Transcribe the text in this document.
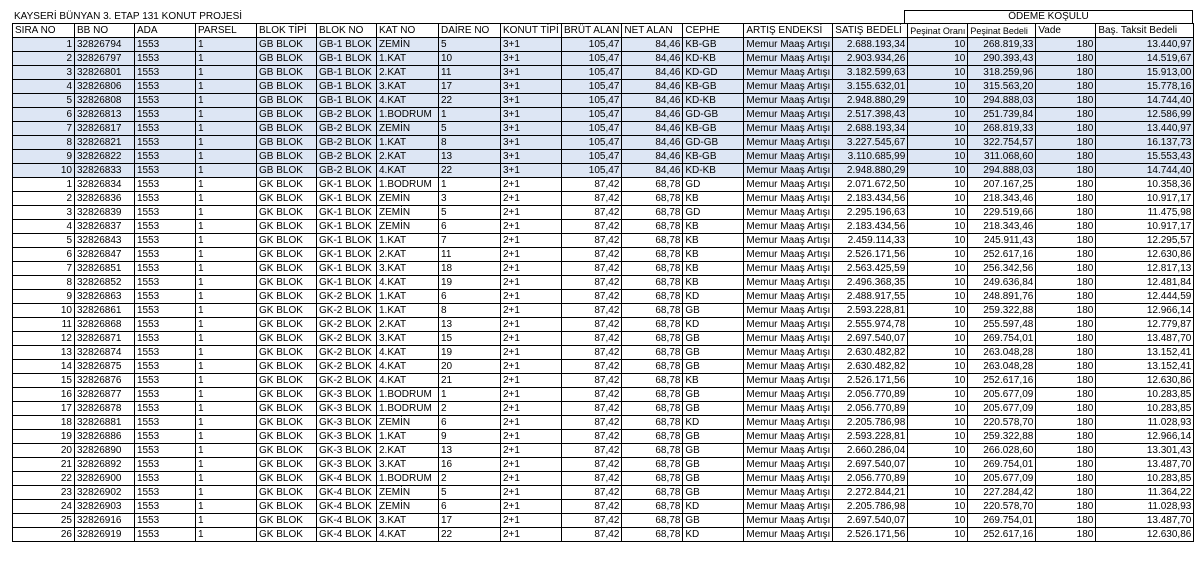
KAYSERİ BÜNYAN 3. ETAP 131 KONUT PROJESİ	ÖDEME KOŞULU
SIRA NO	BB NO	ADA	PARSEL	BLOK TİPİ	BLOK NO	KAT NO	DAİRE NO	KONUT TİPİ	BRÜT ALAN	NET ALAN	CEPHE	ARTIŞ ENDEKSİ	SATIŞ BEDELİ	Peşinat Oranı	Peşinat Bedeli	Vade	Baş. Taksit Bedeli
1	32826794	1553	1	GB BLOK	GB-1 BLOK	ZEMİN	5	3+1	105,47	84,46	KB-GB	Memur Maaş Artışı	2.688.193,34	10	268.819,33	180	13.440,97
2	32826797	1553	1	GB BLOK	GB-1 BLOK	1.KAT	10	3+1	105,47	84,46	KD-KB	Memur Maaş Artışı	2.903.934,26	10	290.393,43	180	14.519,67
3	32826801	1553	1	GB BLOK	GB-1 BLOK	2.KAT	11	3+1	105,47	84,46	KD-GD	Memur Maaş Artışı	3.182.599,63	10	318.259,96	180	15.913,00
4	32826806	1553	1	GB BLOK	GB-1 BLOK	3.KAT	17	3+1	105,47	84,46	KB-GB	Memur Maaş Artışı	3.155.632,01	10	315.563,20	180	15.778,16
5	32826808	1553	1	GB BLOK	GB-1 BLOK	4.KAT	22	3+1	105,47	84,46	KD-KB	Memur Maaş Artışı	2.948.880,29	10	294.888,03	180	14.744,40
6	32826813	1553	1	GB BLOK	GB-2 BLOK	1.BODRUM	1	3+1	105,47	84,46	GD-GB	Memur Maaş Artışı	2.517.398,43	10	251.739,84	180	12.586,99
7	32826817	1553	1	GB BLOK	GB-2 BLOK	ZEMİN	5	3+1	105,47	84,46	KB-GB	Memur Maaş Artışı	2.688.193,34	10	268.819,33	180	13.440,97
8	32826821	1553	1	GB BLOK	GB-2 BLOK	1.KAT	8	3+1	105,47	84,46	GD-GB	Memur Maaş Artışı	3.227.545,67	10	322.754,57	180	16.137,73
9	32826822	1553	1	GB BLOK	GB-2 BLOK	2.KAT	13	3+1	105,47	84,46	KB-GB	Memur Maaş Artışı	3.110.685,99	10	311.068,60	180	15.553,43
10	32826833	1553	1	GB BLOK	GB-2 BLOK	4.KAT	22	3+1	105,47	84,46	KD-KB	Memur Maaş Artışı	2.948.880,29	10	294.888,03	180	14.744,40
1	32826834	1553	1	GK BLOK	GK-1 BLOK	1.BODRUM	1	2+1	87,42	68,78	GD	Memur Maaş Artışı	2.071.672,50	10	207.167,25	180	10.358,36
2	32826836	1553	1	GK BLOK	GK-1 BLOK	ZEMİN	3	2+1	87,42	68,78	KB	Memur Maaş Artışı	2.183.434,56	10	218.343,46	180	10.917,17
3	32826839	1553	1	GK BLOK	GK-1 BLOK	ZEMİN	5	2+1	87,42	68,78	GD	Memur Maaş Artışı	2.295.196,63	10	229.519,66	180	11.475,98
4	32826837	1553	1	GK BLOK	GK-1 BLOK	ZEMİN	6	2+1	87,42	68,78	KB	Memur Maaş Artışı	2.183.434,56	10	218.343,46	180	10.917,17
5	32826843	1553	1	GK BLOK	GK-1 BLOK	1.KAT	7	2+1	87,42	68,78	KB	Memur Maaş Artışı	2.459.114,33	10	245.911,43	180	12.295,57
6	32826847	1553	1	GK BLOK	GK-1 BLOK	2.KAT	11	2+1	87,42	68,78	KB	Memur Maaş Artışı	2.526.171,56	10	252.617,16	180	12.630,86
7	32826851	1553	1	GK BLOK	GK-1 BLOK	3.KAT	18	2+1	87,42	68,78	KB	Memur Maaş Artışı	2.563.425,59	10	256.342,56	180	12.817,13
8	32826852	1553	1	GK BLOK	GK-1 BLOK	4.KAT	19	2+1	87,42	68,78	KB	Memur Maaş Artışı	2.496.368,35	10	249.636,84	180	12.481,84
9	32826863	1553	1	GK BLOK	GK-2 BLOK	1.KAT	6	2+1	87,42	68,78	KD	Memur Maaş Artışı	2.488.917,55	10	248.891,76	180	12.444,59
10	32826861	1553	1	GK BLOK	GK-2 BLOK	1.KAT	8	2+1	87,42	68,78	GB	Memur Maaş Artışı	2.593.228,81	10	259.322,88	180	12.966,14
11	32826868	1553	1	GK BLOK	GK-2 BLOK	2.KAT	13	2+1	87,42	68,78	KD	Memur Maaş Artışı	2.555.974,78	10	255.597,48	180	12.779,87
12	32826871	1553	1	GK BLOK	GK-2 BLOK	3.KAT	15	2+1	87,42	68,78	GB	Memur Maaş Artışı	2.697.540,07	10	269.754,01	180	13.487,70
13	32826874	1553	1	GK BLOK	GK-2 BLOK	4.KAT	19	2+1	87,42	68,78	GB	Memur Maaş Artışı	2.630.482,82	10	263.048,28	180	13.152,41
14	32826875	1553	1	GK BLOK	GK-2 BLOK	4.KAT	20	2+1	87,42	68,78	GB	Memur Maaş Artışı	2.630.482,82	10	263.048,28	180	13.152,41
15	32826876	1553	1	GK BLOK	GK-2 BLOK	4.KAT	21	2+1	87,42	68,78	KB	Memur Maaş Artışı	2.526.171,56	10	252.617,16	180	12.630,86
16	32826877	1553	1	GK BLOK	GK-3 BLOK	1.BODRUM	1	2+1	87,42	68,78	GB	Memur Maaş Artışı	2.056.770,89	10	205.677,09	180	10.283,85
17	32826878	1553	1	GK BLOK	GK-3 BLOK	1.BODRUM	2	2+1	87,42	68,78	GB	Memur Maaş Artışı	2.056.770,89	10	205.677,09	180	10.283,85
18	32826881	1553	1	GK BLOK	GK-3 BLOK	ZEMİN	6	2+1	87,42	68,78	KD	Memur Maaş Artışı	2.205.786,98	10	220.578,70	180	11.028,93
19	32826886	1553	1	GK BLOK	GK-3 BLOK	1.KAT	9	2+1	87,42	68,78	GB	Memur Maaş Artışı	2.593.228,81	10	259.322,88	180	12.966,14
20	32826890	1553	1	GK BLOK	GK-3 BLOK	2.KAT	13	2+1	87,42	68,78	GB	Memur Maaş Artışı	2.660.286,04	10	266.028,60	180	13.301,43
21	32826892	1553	1	GK BLOK	GK-3 BLOK	3.KAT	16	2+1	87,42	68,78	GB	Memur Maaş Artışı	2.697.540,07	10	269.754,01	180	13.487,70
22	32826900	1553	1	GK BLOK	GK-4 BLOK	1.BODRUM	2	2+1	87,42	68,78	GB	Memur Maaş Artışı	2.056.770,89	10	205.677,09	180	10.283,85
23	32826902	1553	1	GK BLOK	GK-4 BLOK	ZEMİN	5	2+1	87,42	68,78	GB	Memur Maaş Artışı	2.272.844,21	10	227.284,42	180	11.364,22
24	32826903	1553	1	GK BLOK	GK-4 BLOK	ZEMİN	6	2+1	87,42	68,78	KD	Memur Maaş Artışı	2.205.786,98	10	220.578,70	180	11.028,93
25	32826916	1553	1	GK BLOK	GK-4 BLOK	3.KAT	17	2+1	87,42	68,78	GB	Memur Maaş Artışı	2.697.540,07	10	269.754,01	180	13.487,70
26	32826919	1553	1	GK BLOK	GK-4 BLOK	4.KAT	22	2+1	87,42	68,78	KD	Memur Maaş Artışı	2.526.171,56	10	252.617,16	180	12.630,86
